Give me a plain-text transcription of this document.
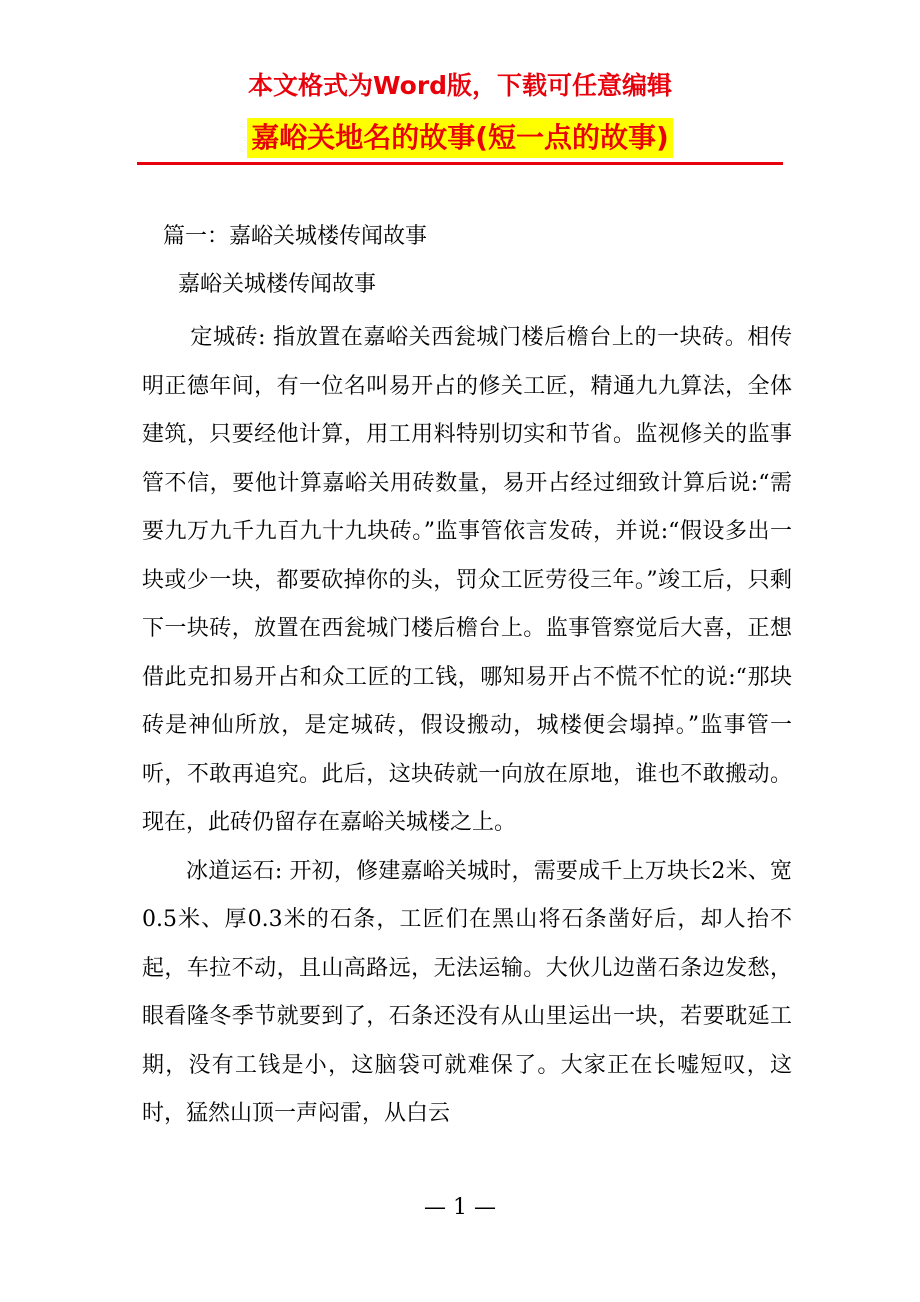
本文格式为Word版，下载可任意编辑
嘉峪关地名的故事(短一点的故事)
篇一：嘉峪关城楼传闻故事
嘉峪关城楼传闻故事

定城砖: 指放置在嘉峪关西瓮城门楼后檐台上的一块砖。相传明正德年间，有一位名叫易开占的修关工匠，精通九九算法，全体建筑，只要经他计算，用工用料特别切实和节省。监视修关的监事管不信，要他计算嘉峪关用砖数量，易开占经过细致计算后说:“需要九万九千九百九十九块砖。”监事管依言发砖，并说:“假设多出一块或少一块，都要砍掉你的头，罚众工匠劳役三年。”竣工后，只剩下一块砖，放置在西瓮城门楼后檐台上。监事管察觉后大喜，正想借此克扣易开占和众工匠的工钱，哪知易开占不慌不忙的说:“那块砖是神仙所放，是定城砖，假设搬动，城楼便会塌掉。”监事管一听，不敢再追究。此后，这块砖就一向放在原地，谁也不敢搬动。现在，此砖仍留存在嘉峪关城楼之上。

冰道运石: 开初，修建嘉峪关城时，需要成千上万块长2米、宽0.5米、厚0.3米的石条，工匠们在黑山将石条凿好后，却人抬不起，车拉不动，且山高路远，无法运输。大伙儿边凿石条边发愁，眼看隆冬季节就要到了，石条还没有从山里运出一块，若要耽延工期，没有工钱是小，这脑袋可就难保了。大家正在长嘘短叹，这时，猛然山顶一声闷雷，从白云

— 1 —
